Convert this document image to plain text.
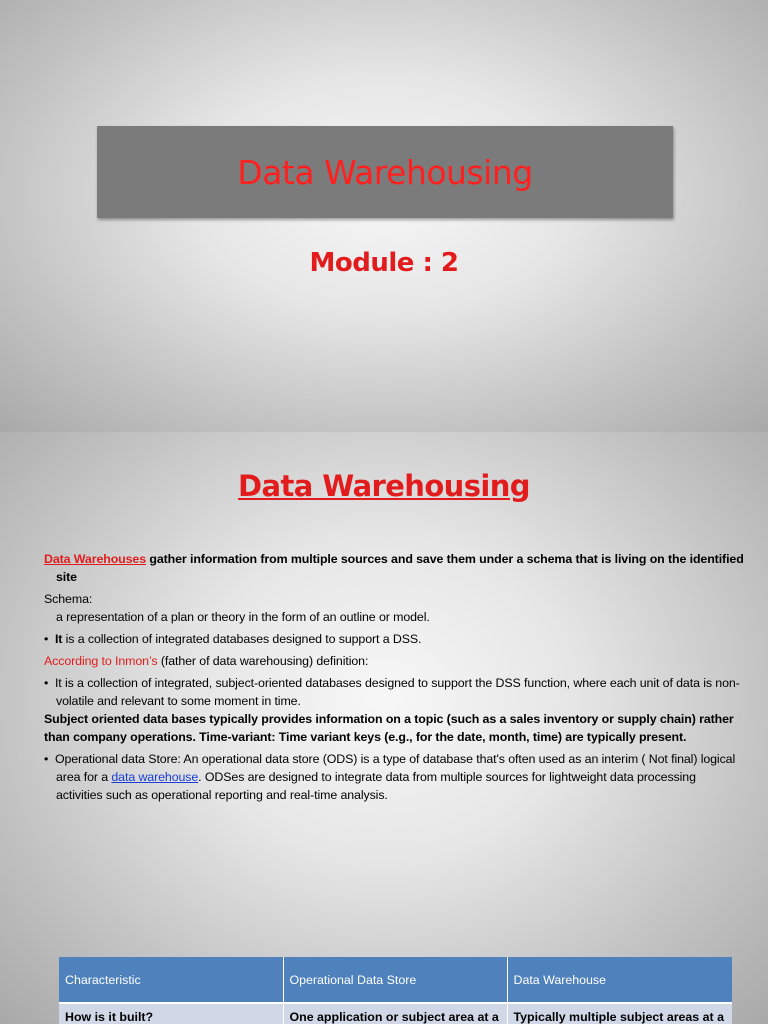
Data Warehousing
Module : 2
Data Warehousing

Data Warehouses gather information from multiple sources and save them under a schema that is living on the identified site

Schema:

a representation of a plan or theory in the form of an outline or model.

•  It is a collection of integrated databases designed to support a DSS.

According to Inmon’s (father of data warehousing) definition:

•  It is a collection of integrated, subject-oriented databases designed to support the DSS function, where each unit of data is non-volatile and relevant to some moment in time.

Subject oriented data bases typically provides information on a topic (such as a sales inventory or supply chain) rather than company operations. Time-variant: Time variant keys (e.g., for the date, month, time) are typically present.

•  Operational data Store: An operational data store (ODS) is a type of database that's often used as an interim ( Not final) logical area for a data warehouse. ODSes are designed to integrate data from multiple sources for lightweight data processing activities such as operational reporting and real-time analysis.

Characteristic	Operational Data Store	Data Warehouse
How is it built?	One application or subject area at a	Typically multiple subject areas at a
